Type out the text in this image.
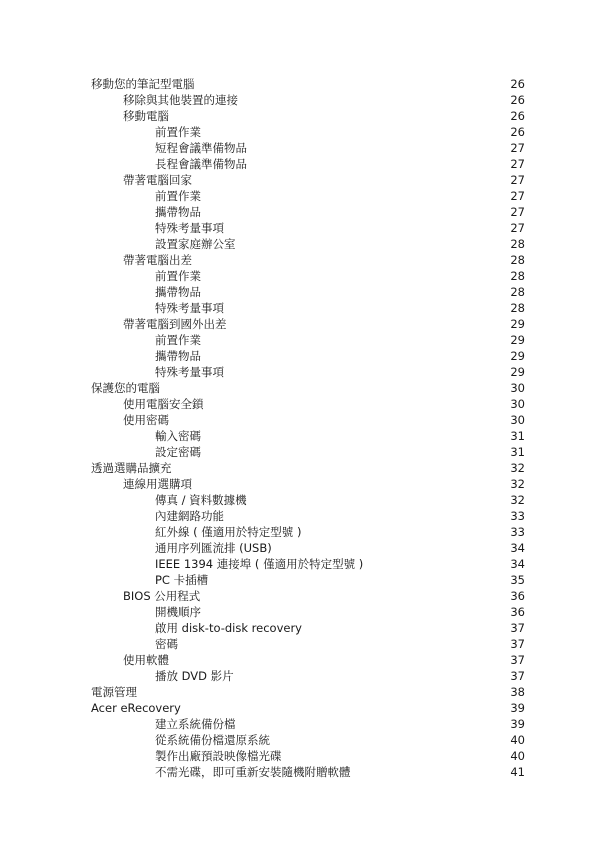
移動您的筆記型電腦	26
移除與其他裝置的連接	26
移動電腦	26
前置作業	26
短程會議準備物品	27
長程會議準備物品	27
帶著電腦回家	27
前置作業	27
攜帶物品	27
特殊考量事項	27
設置家庭辦公室	28
帶著電腦出差	28
前置作業	28
攜帶物品	28
特殊考量事項	28
帶著電腦到國外出差	29
前置作業	29
攜帶物品	29
特殊考量事項	29
保護您的電腦	30
使用電腦安全鎖	30
使用密碼	30
輸入密碼	31
設定密碼	31
透過選購品擴充	32
連線用選購項	32
傳真 / 資料數據機	32
內建網路功能	33
紅外線 ( 僅適用於特定型號 )	33
通用序列匯流排 (USB)	34
IEEE 1394 連接埠 ( 僅適用於特定型號 )	34
PC 卡插槽	35
BIOS 公用程式	36
開機順序	36
啟用 disk-to-disk recovery	37
密碼	37
使用軟體	37
播放 DVD 影片	37
電源管理	38
Acer eRecovery	39
建立系統備份檔	39
從系統備份檔還原系統	40
製作出廠預設映像檔光碟	40
不需光碟，即可重新安裝隨機附贈軟體	41
